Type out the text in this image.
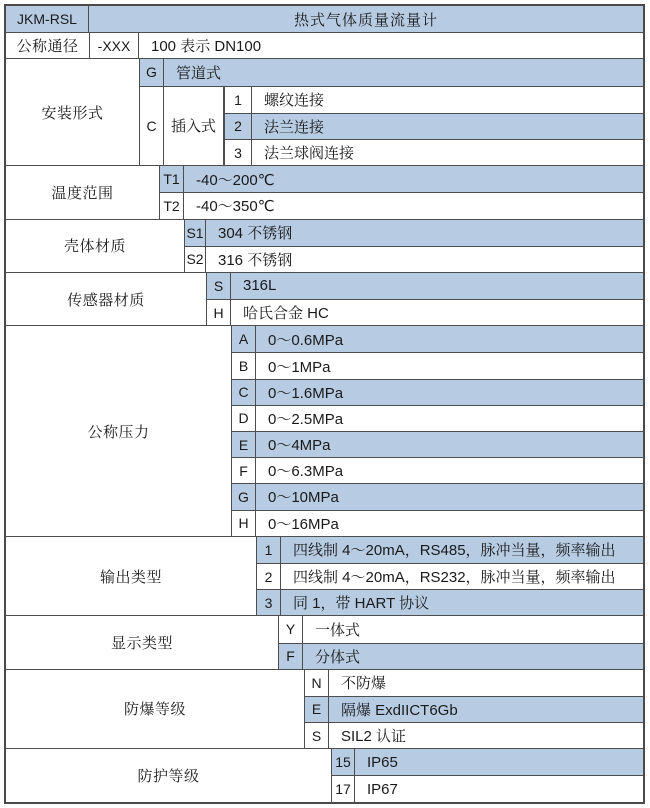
JKM-RSL	热式气体质量流量计
公称通径	-XXX	100 表示 DN100
安装形式
G	管道式
C 插入式
1	螺纹连接
2	法兰连接
3	法兰球阀连接
温度范围
T1	-40～200℃
T2	-40～350℃
壳体材质
S1 304 不锈钢
S2 316 不锈钢
传感器材质
S	316L
H	哈氏合金 HC
公称压力
A	0～0.6MPa
B	0～1MPa
C	0～1.6MPa
D	0～2.5MPa
E	0～4MPa
F	0～6.3MPa
G	0～10MPa
H	0～16MPa
输出类型
1	四线制 4～20mA，RS485，脉冲当量，频率输出
2	四线制 4～20mA，RS232，脉冲当量，频率输出
3	同 1，带 HART 协议
显示类型
Y	一体式
F	分体式
防爆等级
N	不防爆
E	隔爆 ExdIICT6Gb
S	SIL2 认证
防护等级
15	IP65
17	IP67
